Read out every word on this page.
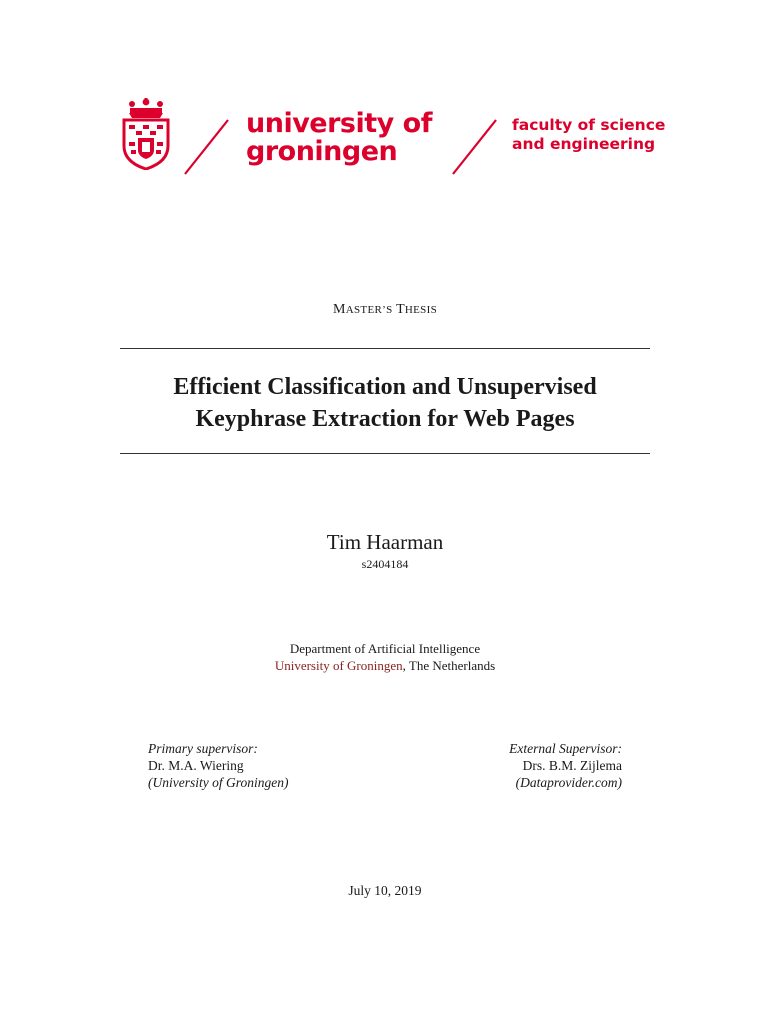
university of
groningen
faculty of science
and engineering
MASTER’S THESIS
Efficient Classification and Unsupervised
Keyphrase Extraction for Web Pages
Tim Haarman
s2404184
Department of Artificial Intelligence
University of Groningen, The Netherlands
Primary supervisor:
Dr. M.A. Wiering
(University of Groningen)
External Supervisor:
Drs. B.M. Zijlema
(Dataprovider.com)
July 10, 2019
